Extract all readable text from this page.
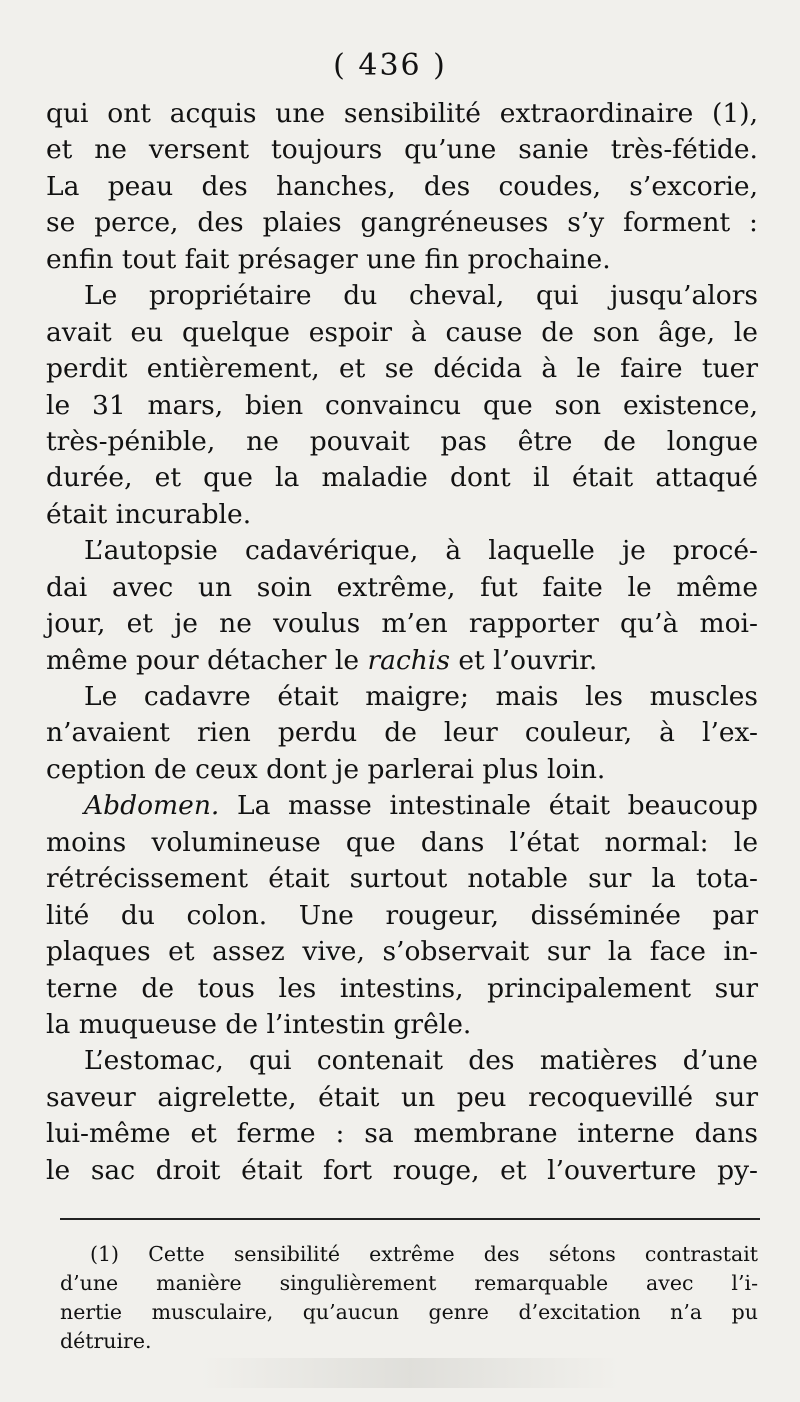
( 436 )
qui ont acquis une sensibilité extraordinaire (1),
et ne versent toujours qu’une sanie très-fétide.
La peau des hanches, des coudes, s’excorie,
se perce, des plaies gangréneuses s’y forment :
enfin tout fait présager une fin prochaine.
Le propriétaire du cheval, qui jusqu’alors
avait eu quelque espoir à cause de son âge, le
perdit entièrement, et se décida à le faire tuer
le 31 mars, bien convaincu que son existence,
très-pénible, ne pouvait pas être de longue
durée, et que la maladie dont il était attaqué
était incurable.
L’autopsie cadavérique, à laquelle je procé-
dai avec un soin extrême, fut faite le même
jour, et je ne voulus m’en rapporter qu’à moi-
même pour détacher le rachis et l’ouvrir.
Le cadavre était maigre; mais les muscles
n’avaient rien perdu de leur couleur, à l’ex-
ception de ceux dont je parlerai plus loin.
Abdomen. La masse intestinale était beaucoup
moins volumineuse que dans l’état normal: le
rétrécissement était surtout notable sur la tota-
lité du colon. Une rougeur, disséminée par
plaques et assez vive, s’observait sur la face in-
terne de tous les intestins, principalement sur
la muqueuse de l’intestin grêle.
L’estomac, qui contenait des matières d’une
saveur aigrelette, était un peu recoquevillé sur
lui-même et ferme : sa membrane interne dans
le sac droit était fort rouge, et l’ouverture py-
(1) Cette sensibilité extrême des sétons contrastait
d’une manière singulièrement remarquable avec l’i-
nertie musculaire, qu’aucun genre d’excitation n’a pu
détruire.
